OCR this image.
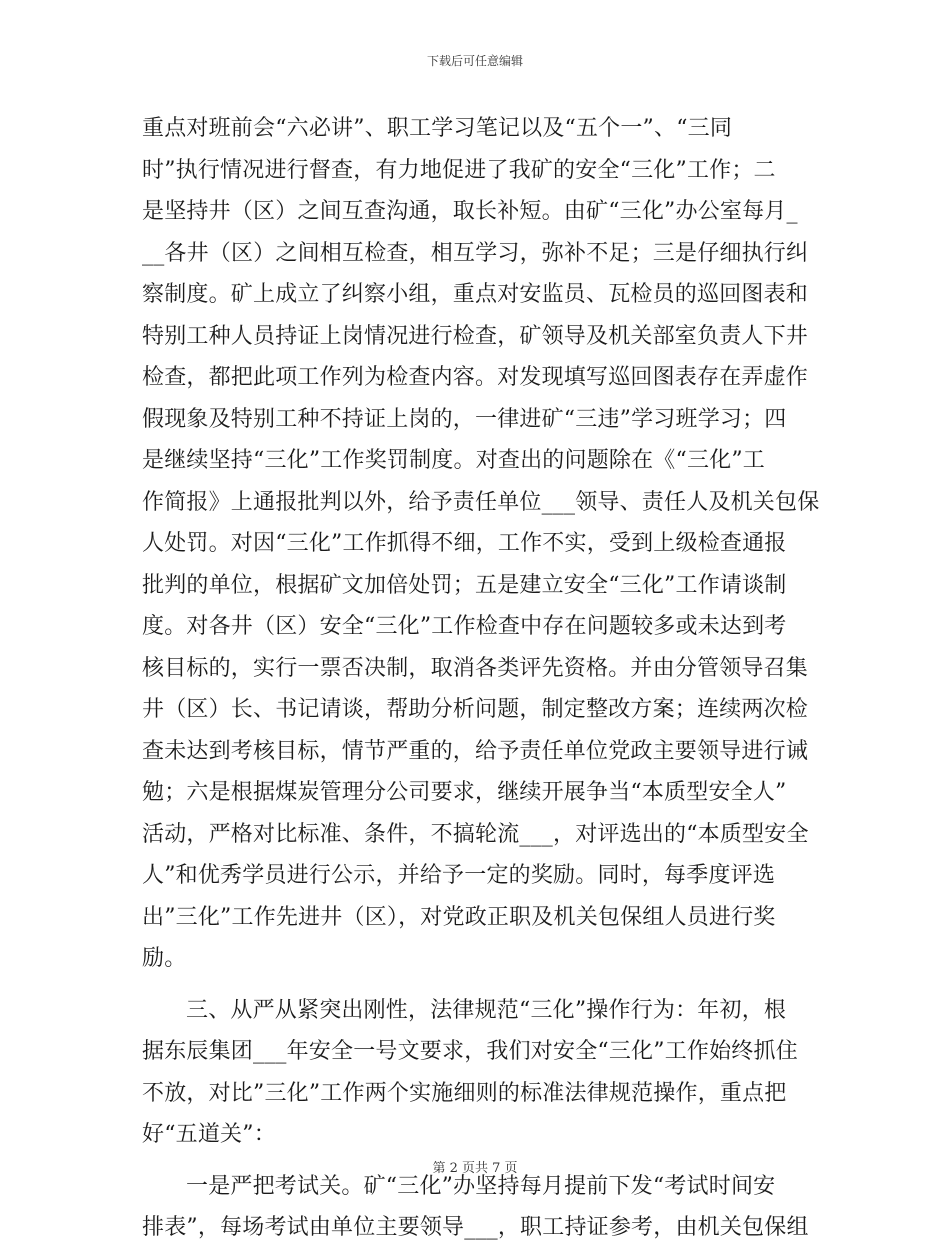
下载后可任意编辑
重点对班前会“六必讲”、职工学习笔记以及“五个一”、“三同
时”执行情况进行督查，有力地促进了我矿的安全“三化”工作；二
是坚持井（区）之间互查沟通，取长补短。由矿“三化”办公室每月_
__各井（区）之间相互检查，相互学习，弥补不足；三是仔细执行纠
察制度。矿上成立了纠察小组，重点对安监员、瓦检员的巡回图表和
特别工种人员持证上岗情况进行检查，矿领导及机关部室负责人下井
检查，都把此项工作列为检查内容。对发现填写巡回图表存在弄虚作
假现象及特别工种不持证上岗的，一律进矿“三违”学习班学习；四
是继续坚持“三化”工作奖罚制度。对查出的问题除在《“三化”工
作简报》上通报批判以外，给予责任单位___领导、责任人及机关包保
人处罚。对因“三化”工作抓得不细，工作不实，受到上级检查通报
批判的单位，根据矿文加倍处罚；五是建立安全“三化”工作请谈制
度。对各井（区）安全“三化”工作检查中存在问题较多或未达到考
核目标的，实行一票否决制，取消各类评先资格。并由分管领导召集
井（区）长、书记请谈，帮助分析问题，制定整改方案；连续两次检
查未达到考核目标，情节严重的，给予责任单位党政主要领导进行诫
勉；六是根据煤炭管理分公司要求，继续开展争当“本质型安全人”
活动，严格对比标准、条件，不搞轮流___，对评选出的“本质型安全
人”和优秀学员进行公示，并给予一定的奖励。同时，每季度评选
出”三化”工作先进井（区），对党政正职及机关包保组人员进行奖
励。
三、从严从紧突出刚性，法律规范“三化”操作行为：年初，根
据东辰集团___年安全一号文要求，我们对安全“三化”工作始终抓住
不放，对比”三化”工作两个实施细则的标准法律规范操作，重点把
好“五道关”：
一是严把考试关。矿“三化”办坚持每月提前下发“考试时间安
排表”，每场考试由单位主要领导___，职工持证参考，由机关包保组
第 2 页共 7 页
